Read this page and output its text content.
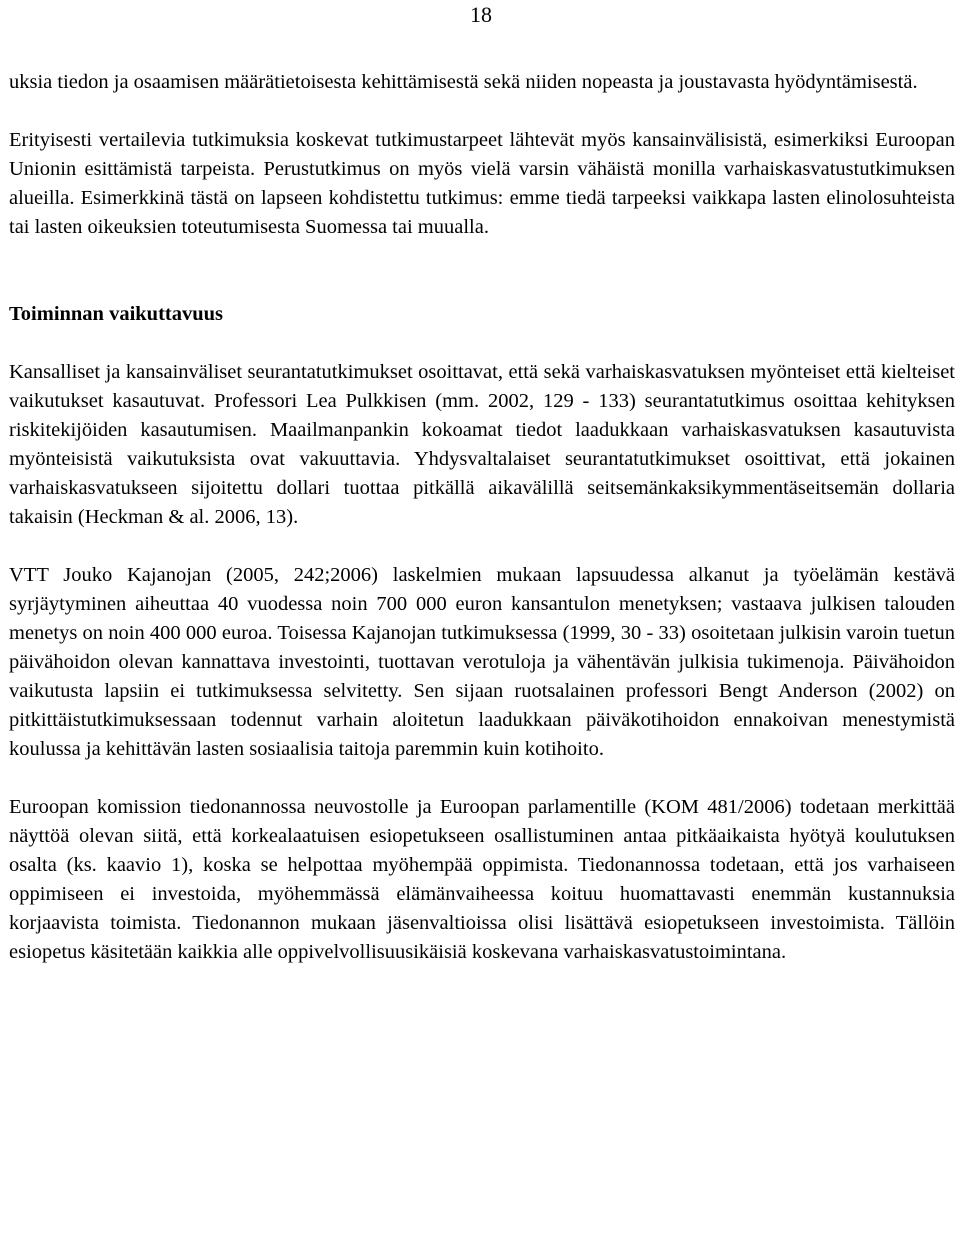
18

uksia tiedon ja osaamisen määrätietoisesta kehittämisestä sekä niiden nopeasta ja joustavasta hyödyntämisestä.

Erityisesti vertailevia tutkimuksia koskevat tutkimustarpeet lähtevät myös kansainvälisistä, esimerkiksi Euroopan Unionin esittämistä tarpeista. Perustutkimus on myös vielä varsin vähäistä monilla varhaiskasvatustutkimuksen alueilla. Esimerkkinä tästä on lapseen kohdistettu tutkimus: emme tiedä tarpeeksi vaikkapa lasten elinolosuhteista tai lasten oikeuksien toteutumisesta Suomessa tai muualla.

Toiminnan vaikuttavuus

Kansalliset ja kansainväliset seurantatutkimukset osoittavat, että sekä varhaiskasvatuksen myönteiset että kielteiset vaikutukset kasautuvat. Professori Lea Pulkkisen (mm. 2002, 129 - 133) seurantatutkimus osoittaa kehityksen riskitekijöiden kasautumisen. Maailmanpankin kokoamat tiedot laadukkaan varhaiskasvatuksen kasautuvista myönteisistä vaikutuksista ovat vakuuttavia. Yhdysvaltalaiset seurantatutkimukset osoittivat, että jokainen varhaiskasvatukseen sijoitettu dollari tuottaa pitkällä aikavälillä seitsemänkaksikymmentäseitsemän dollaria takaisin (Heckman & al. 2006, 13).

VTT Jouko Kajanojan (2005, 242;2006) laskelmien mukaan lapsuudessa alkanut ja työelämän kestävä syrjäytyminen aiheuttaa 40 vuodessa noin 700 000 euron kansantulon menetyksen; vastaava julkisen talouden menetys on noin 400 000 euroa. Toisessa Kajanojan tutkimuksessa (1999, 30 - 33) osoitetaan julkisin varoin tuetun päivähoidon olevan kannattava investointi, tuottavan verotuloja ja vähentävän julkisia tukimenoja. Päivähoidon vaikutusta lapsiin ei tutkimuksessa selvitetty. Sen sijaan ruotsalainen professori Bengt Anderson (2002) on pitkittäistutkimuksessaan todennut varhain aloitetun laadukkaan päiväkotihoidon ennakoivan menestymistä koulussa ja kehittävän lasten sosiaalisia taitoja paremmin kuin kotihoito.

Euroopan komission tiedonannossa neuvostolle ja Euroopan parlamentille (KOM 481/2006) todetaan merkittää näyttöä olevan siitä, että korkealaatuisen esiopetukseen osallistuminen antaa pitkäaikaista hyötyä koulutuksen osalta (ks. kaavio 1), koska se helpottaa myöhempää oppimista. Tiedonannossa todetaan, että jos varhaiseen oppimiseen ei investoida, myöhemmässä elämänvaiheessa koituu huomattavasti enemmän kustannuksia korjaavista toimista. Tiedonannon mukaan jäsenvaltioissa olisi lisättävä esiopetukseen investoimista. Tällöin esiopetus käsitetään kaikkia alle oppivelvollisuusikäisiä koskevana varhaiskasvatustoimintana.
